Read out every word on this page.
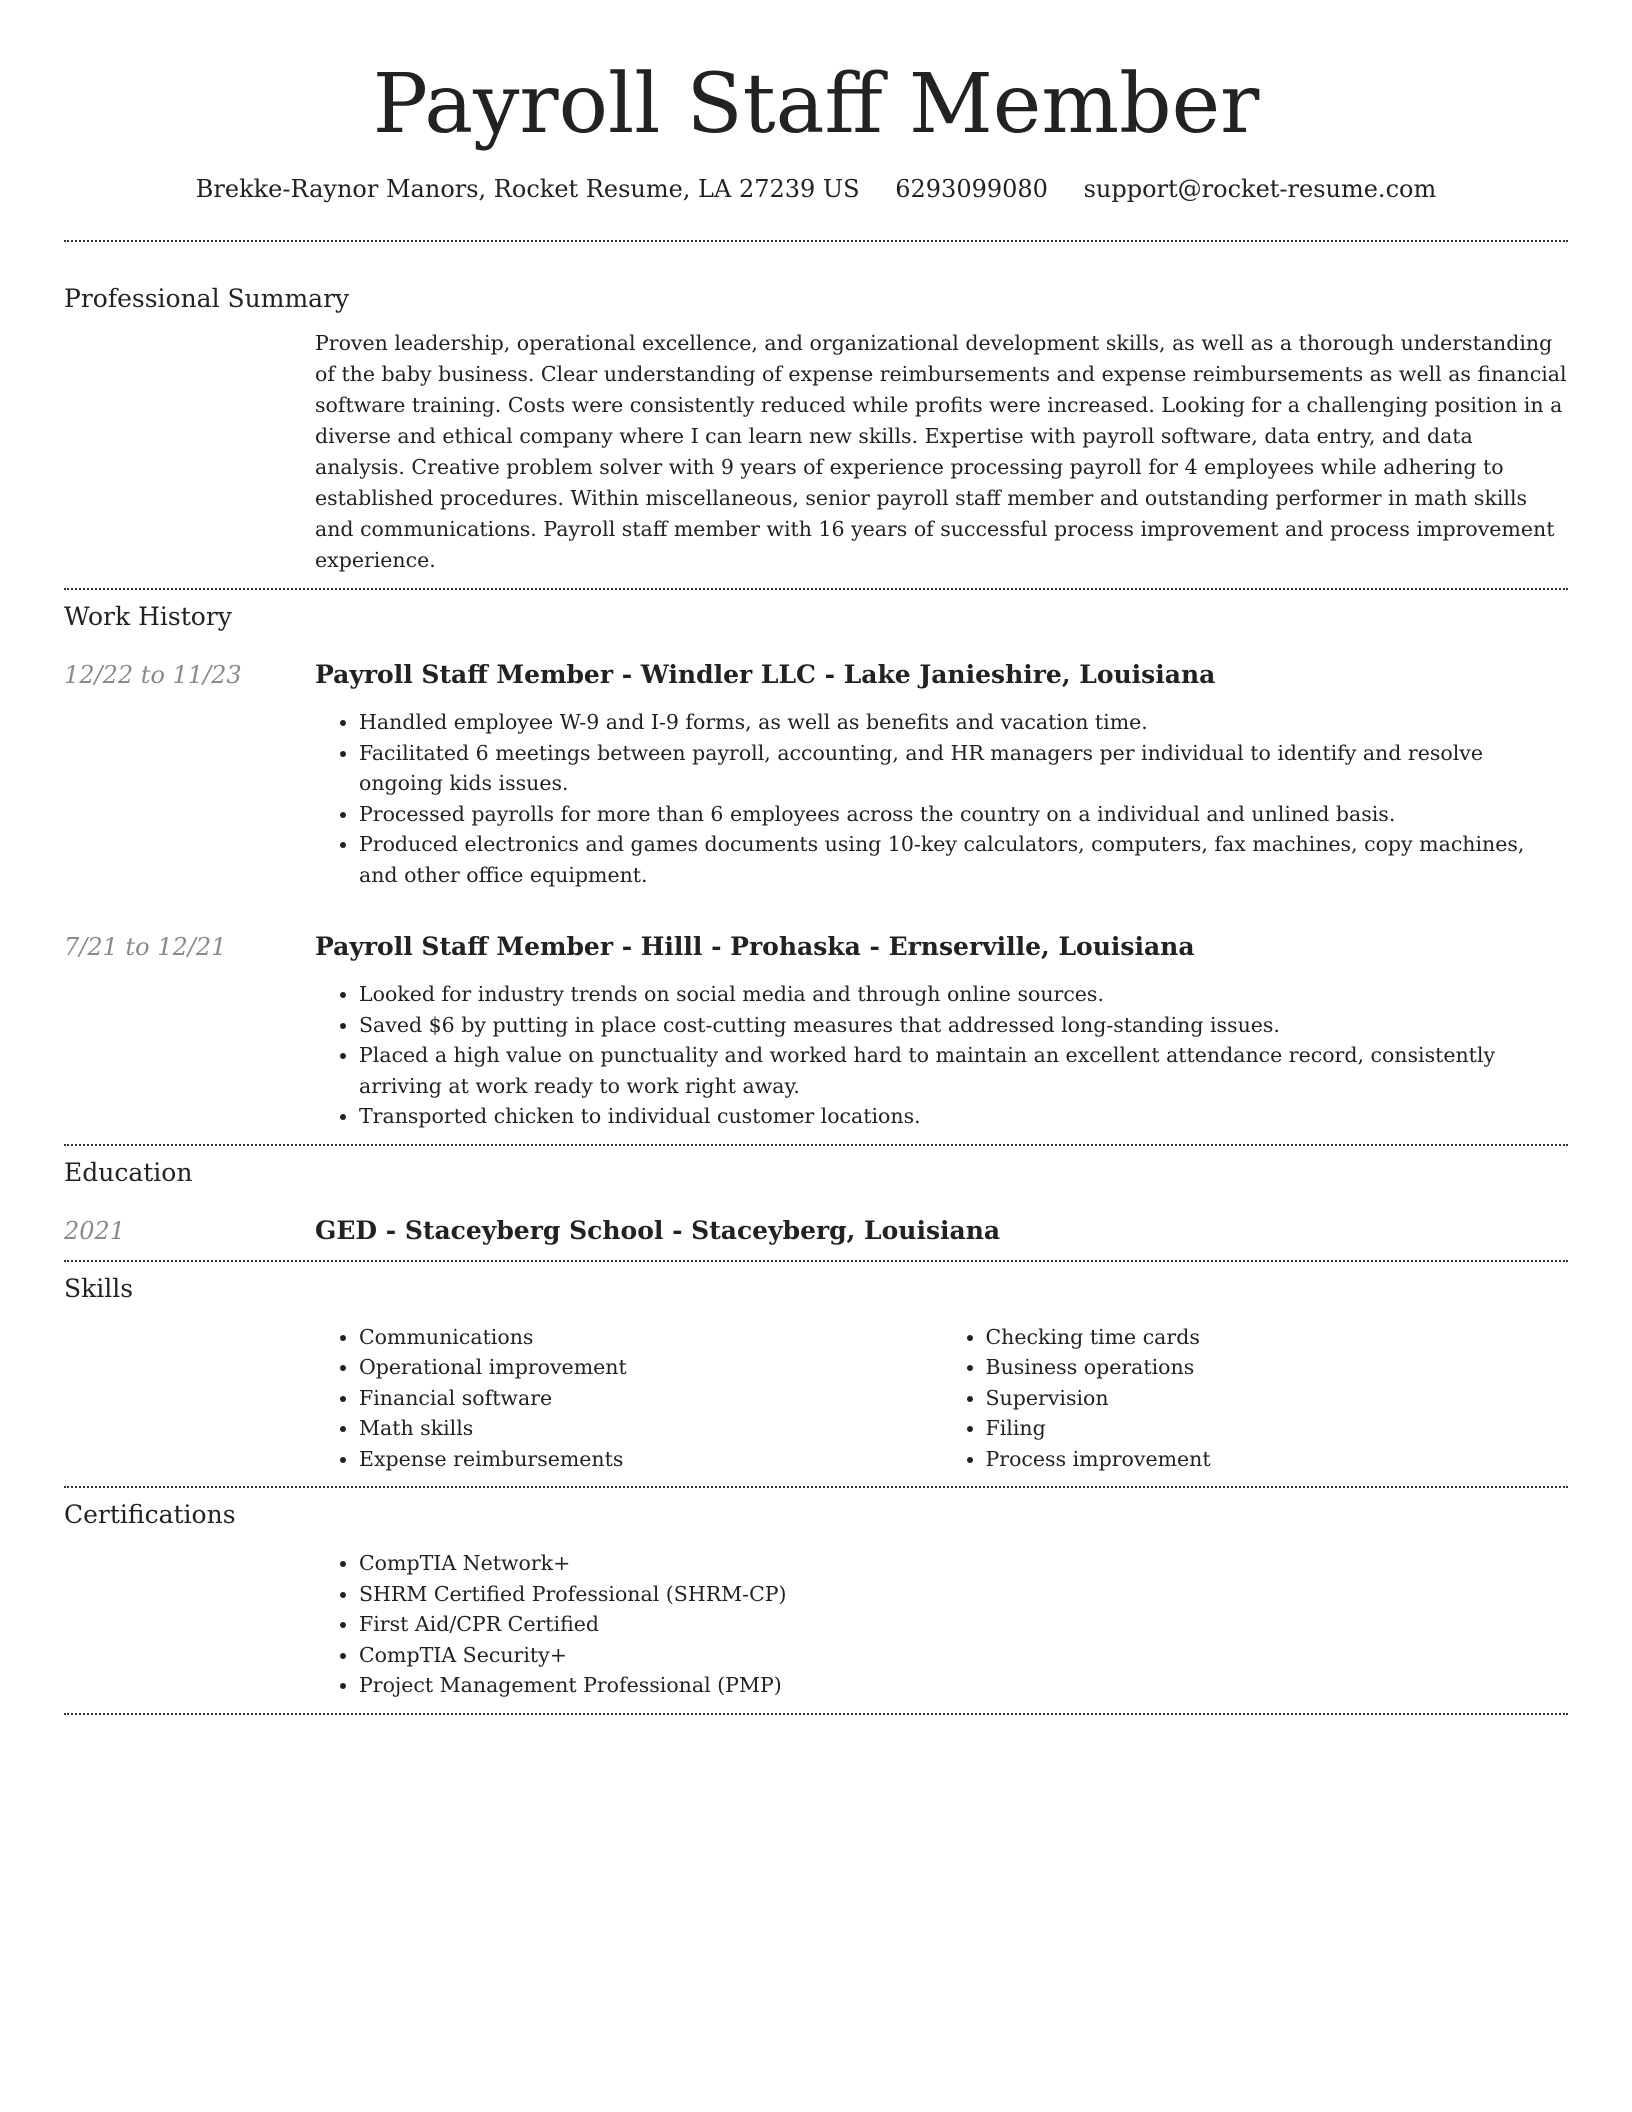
Payroll Staff Member
Brekke-Raynor Manors, Rocket Resume, LA 27239 US 6293099080 support@rocket-resume.com
Professional Summary

Proven leadership, operational excellence, and organizational development skills, as well as a thorough understanding of the baby business. Clear understanding of expense reimbursements and expense reimbursements as well as financial software training. Costs were consistently reduced while profits were increased. Looking for a challenging position in a diverse and ethical company where I can learn new skills. Expertise with payroll software, data entry, and data analysis. Creative problem solver with 9 years of experience processing payroll for 4 employees while adhering to established procedures. Within miscellaneous, senior payroll staff member and outstanding performer in math skills and communications. Payroll staff member with 16 years of successful process improvement and process improvement experience.

Work History
12/22 to 11/23	Payroll Staff Member - Windler LLC - Lake Janieshire, Louisiana
• Handled employee W-9 and I-9 forms, as well as benefits and vacation time.
• Facilitated 6 meetings between payroll, accounting, and HR managers per individual to identify and resolve ongoing kids issues.
• Processed payrolls for more than 6 employees across the country on a individual and unlined basis.
• Produced electronics and games documents using 10-key calculators, computers, fax machines, copy machines, and other office equipment.
7/21 to 12/21	Payroll Staff Member - Hilll - Prohaska - Ernserville, Louisiana
• Looked for industry trends on social media and through online sources.
• Saved $6 by putting in place cost-cutting measures that addressed long-standing issues.
• Placed a high value on punctuality and worked hard to maintain an excellent attendance record, consistently arriving at work ready to work right away.
• Transported chicken to individual customer locations.
Education
2021	GED - Staceyberg School - Staceyberg, Louisiana
Skills
• Communications
• Operational improvement
• Financial software
• Math skills
• Expense reimbursements
• Checking time cards
• Business operations
• Supervision
• Filing
• Process improvement
Certifications
• CompTIA Network+
• SHRM Certified Professional (SHRM-CP)
• First Aid/CPR Certified
• CompTIA Security+
• Project Management Professional (PMP)
